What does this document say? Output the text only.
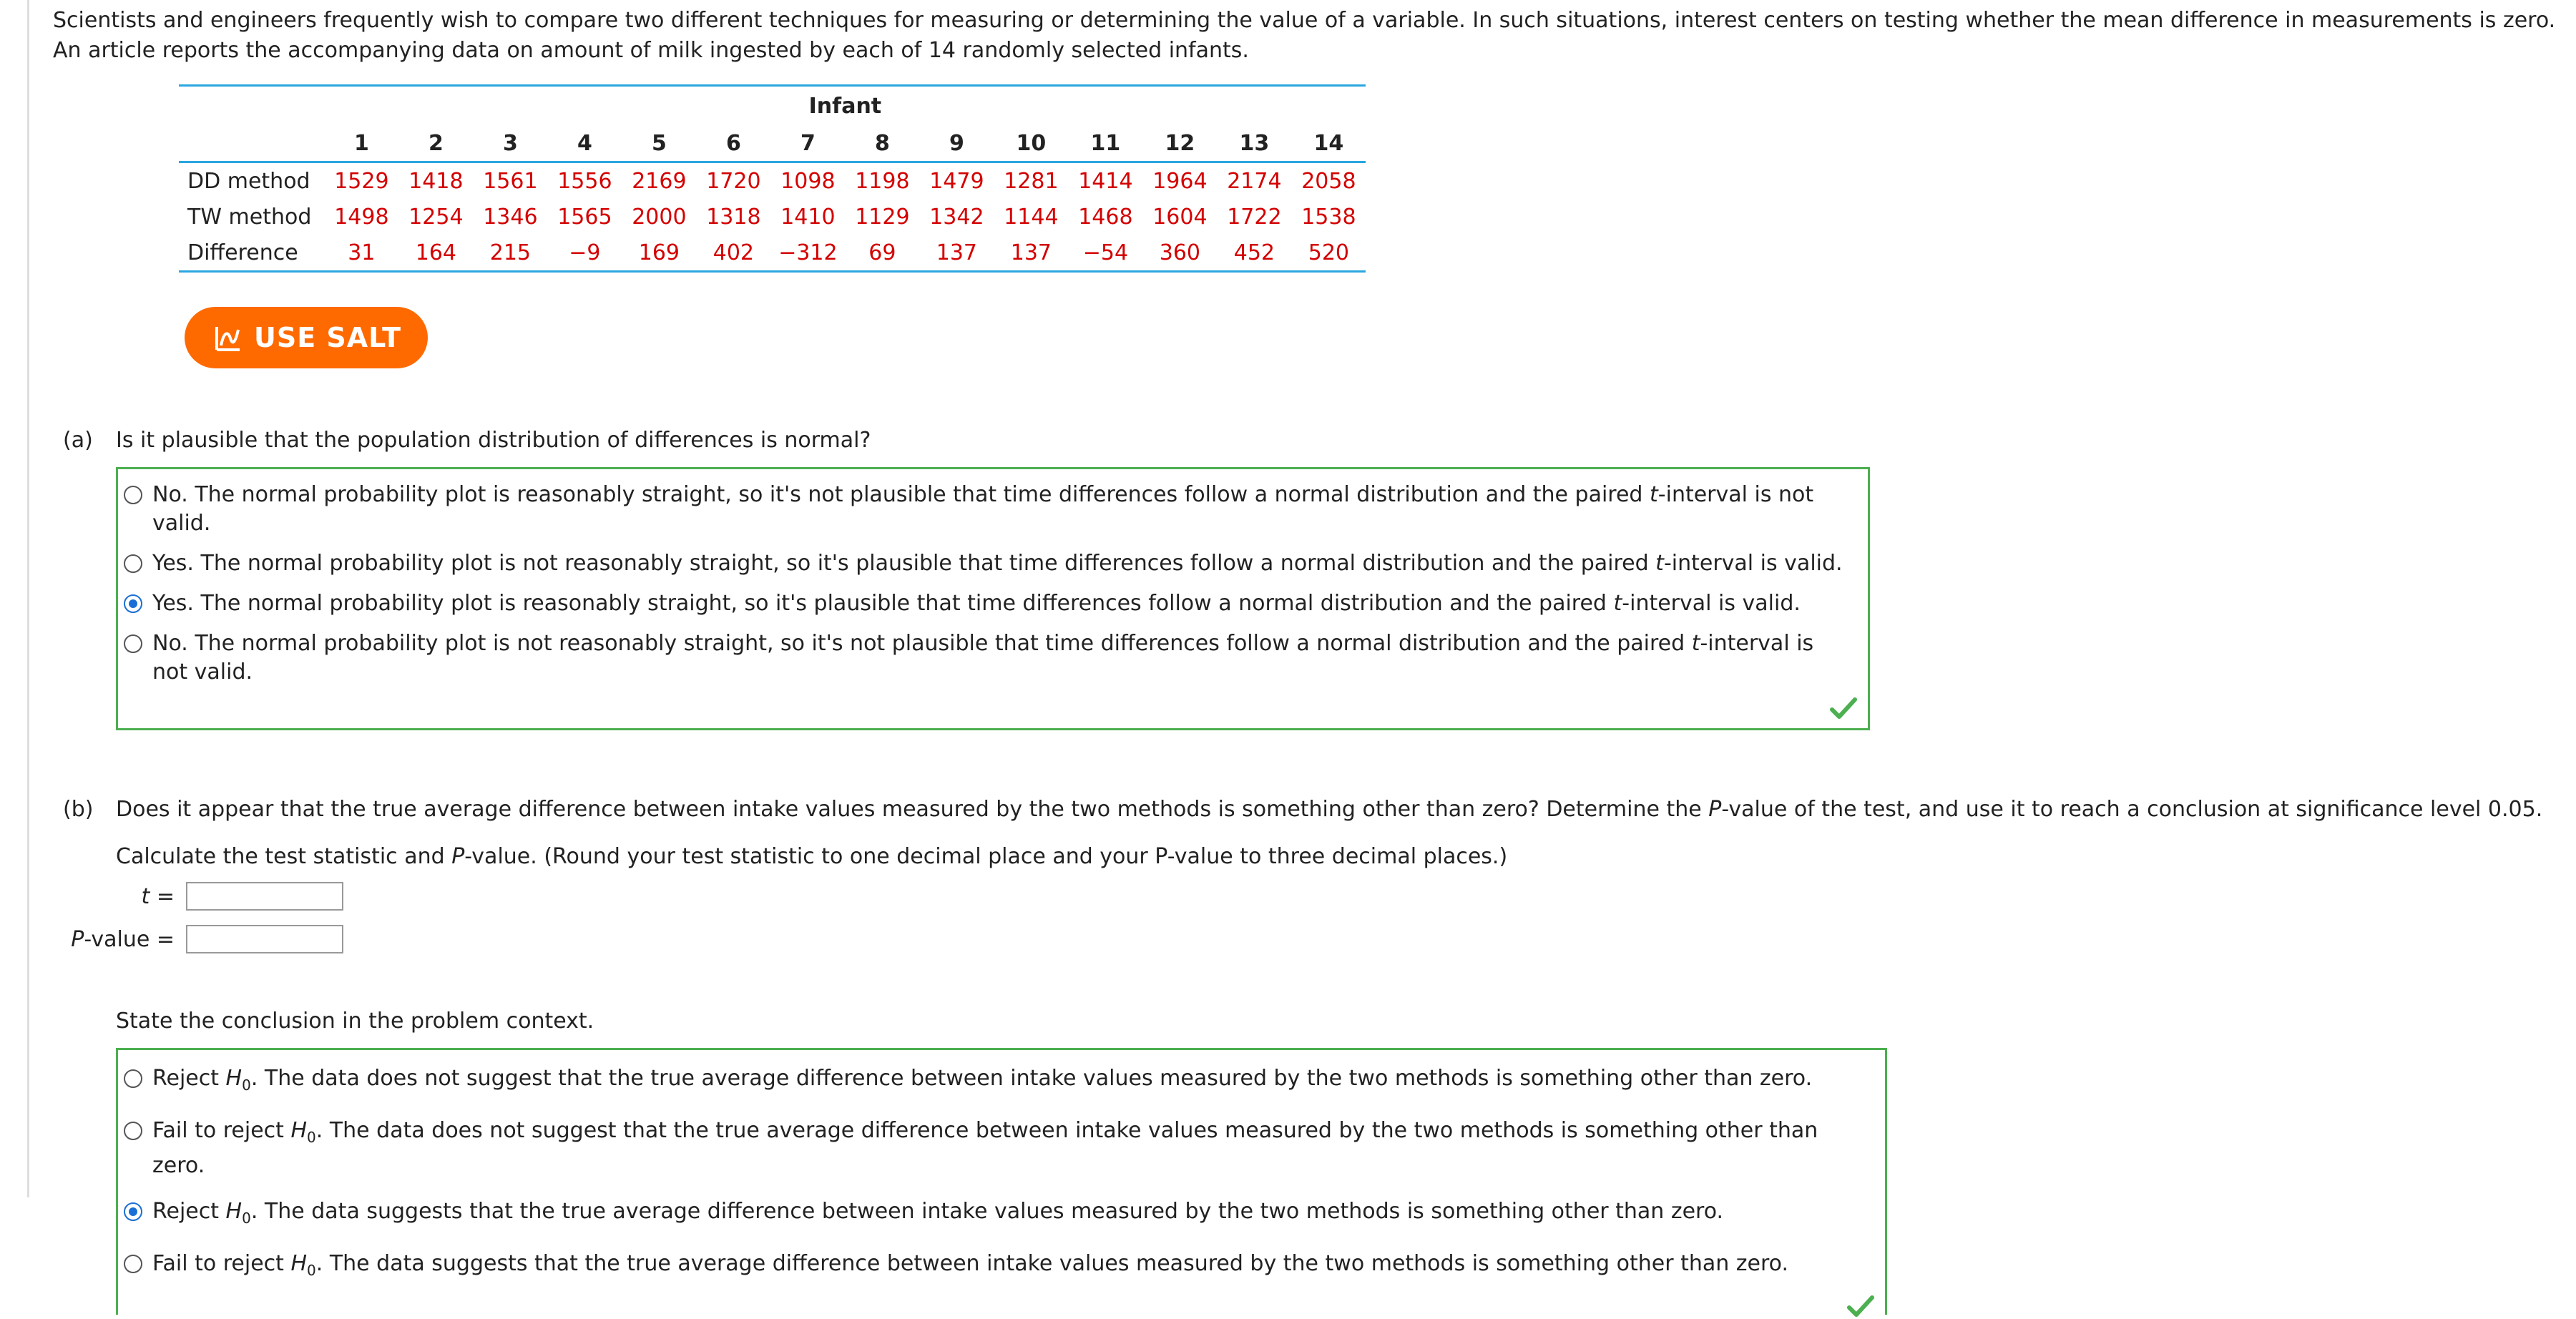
Scientists and engineers frequently wish to compare two different techniques for measuring or determining the value of a variable. In such situations, interest centers on testing whether the mean difference in measurements is zero. An article reports the accompanying data on amount of milk ingested by each of 14 randomly selected infants.

	Infant													
	1	2	3	4	5	6	7	8	9	10	11	12	13	14
DD method	1529	1418	1561	1556	2169	1720	1098	1198	1479	1281	1414	1964	2174	2058
TW method	1498	1254	1346	1565	2000	1318	1410	1129	1342	1144	1468	1604	1722	1538
Difference	31	164	215	−9	169	402	−312	69	137	137	−54	360	452	520
USE SALT
(a) Is it plausible that the population distribution of differences is normal?

No. The normal probability plot is reasonably straight, so it's not plausible that time differences follow a normal distribution and the paired t-interval is not valid.
Yes. The normal probability plot is not reasonably straight, so it's plausible that time differences follow a normal distribution and the paired t-interval is valid.
Yes. The normal probability plot is reasonably straight, so it's plausible that time differences follow a normal distribution and the paired t-interval is valid.
No. The normal probability plot is not reasonably straight, so it's not plausible that time differences follow a normal distribution and the paired t-interval is not valid.
(b) Does it appear that the true average difference between intake values measured by the two methods is something other than zero? Determine the P-value of the test, and use it to reach a conclusion at significance level 0.05.

Calculate the test statistic and P-value. (Round your test statistic to one decimal place and your P-value to three decimal places.)
t =
P-value =
State the conclusion in the problem context.
Reject $H_0$. The data does not suggest that the true average difference between intake values measured by the two methods is something other than zero.
Fail to reject $H_0$. The data does not suggest that the true average difference between intake values measured by the two methods is something other than zero.
Reject $H_0$. The data suggests that the true average difference between intake values measured by the two methods is something other than zero.
Fail to reject $H_0$. The data suggests that the true average difference between intake values measured by the two methods is something other than zero.
